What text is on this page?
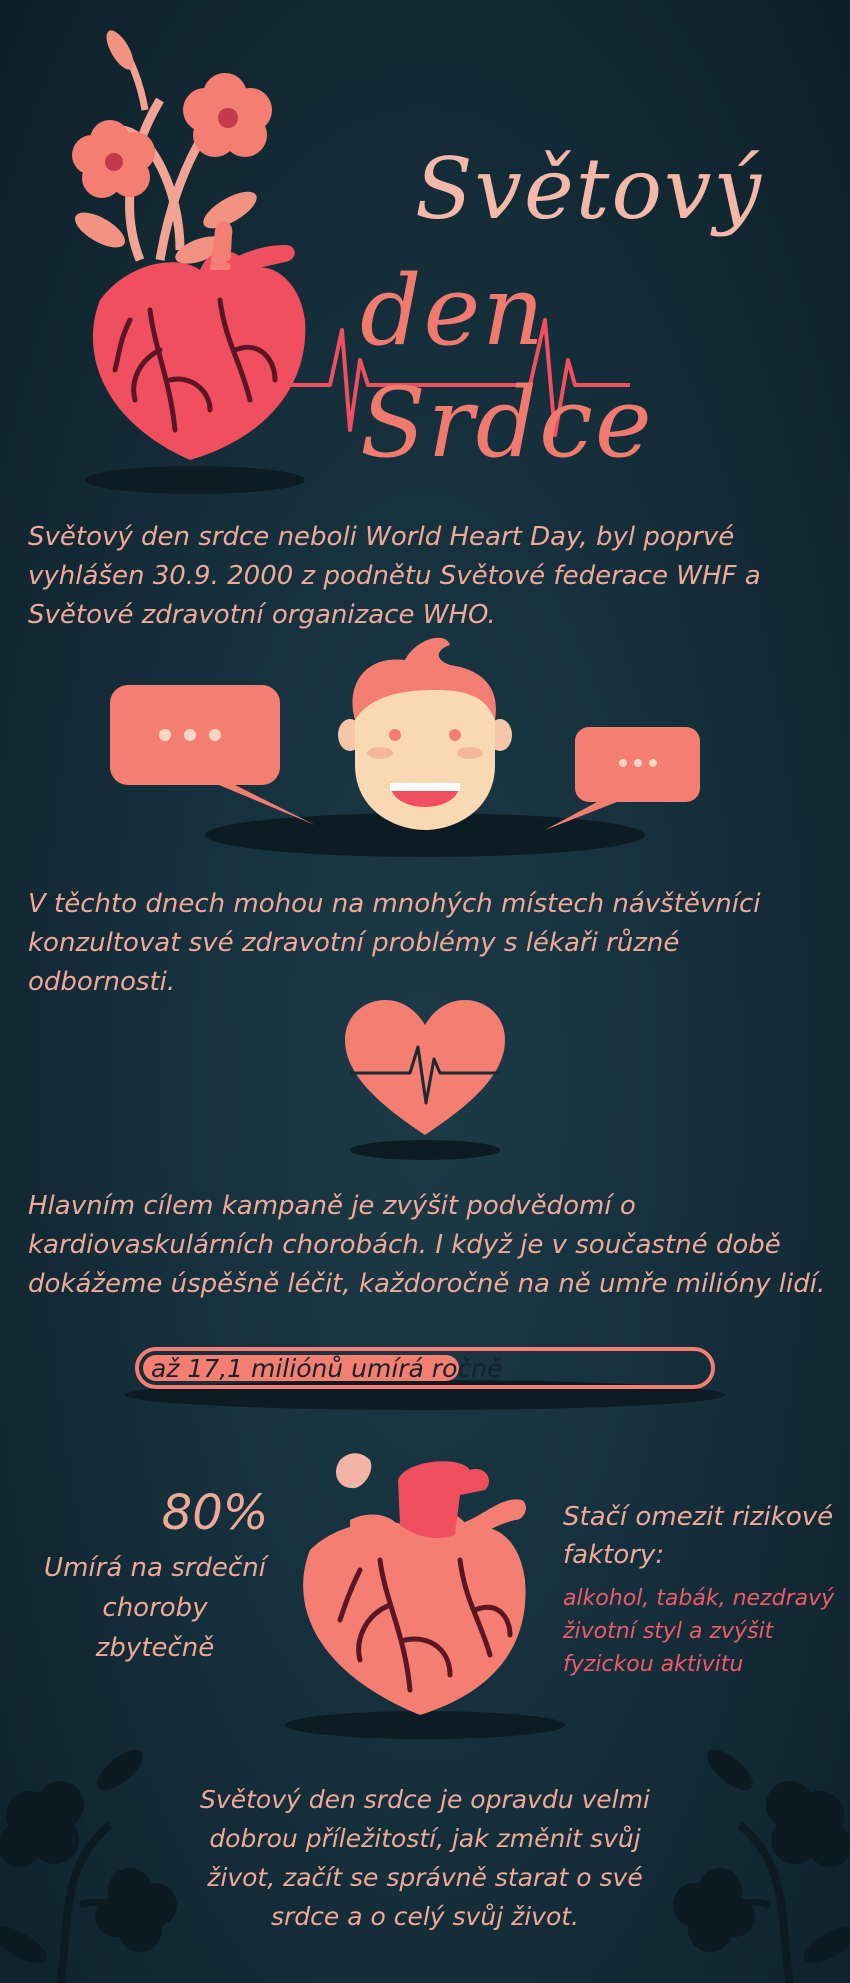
Světový
den Srdce
Světový den srdce neboli World Heart Day, byl poprvé vyhlášen 30.9. 2000 z podnětu Světové federace WHF a Světové zdravotní organizace WHO.
V těchto dnech mohou na mnohých místech návštěvníci konzultovat své zdravotní problémy s lékaři různé odbornosti.
Hlavním cílem kampaně je zvýšit podvědomí o kardiovaskulárních chorobách. I když je v součastné době dokážeme úspěšně léčit, každoročně na ně umře milióny lidí.
až 17,1 miliónů umírá ročně
80%
Umírá na srdeční choroby zbytečně
Stačí omezit rizikové faktory:
alkohol, tabák, nezdravý životní styl a zvýšit fyzickou aktivitu
Světový den srdce je opravdu velmi dobrou příležitostí, jak změnit svůj život, začít se správně starat o své srdce a o celý svůj život.
